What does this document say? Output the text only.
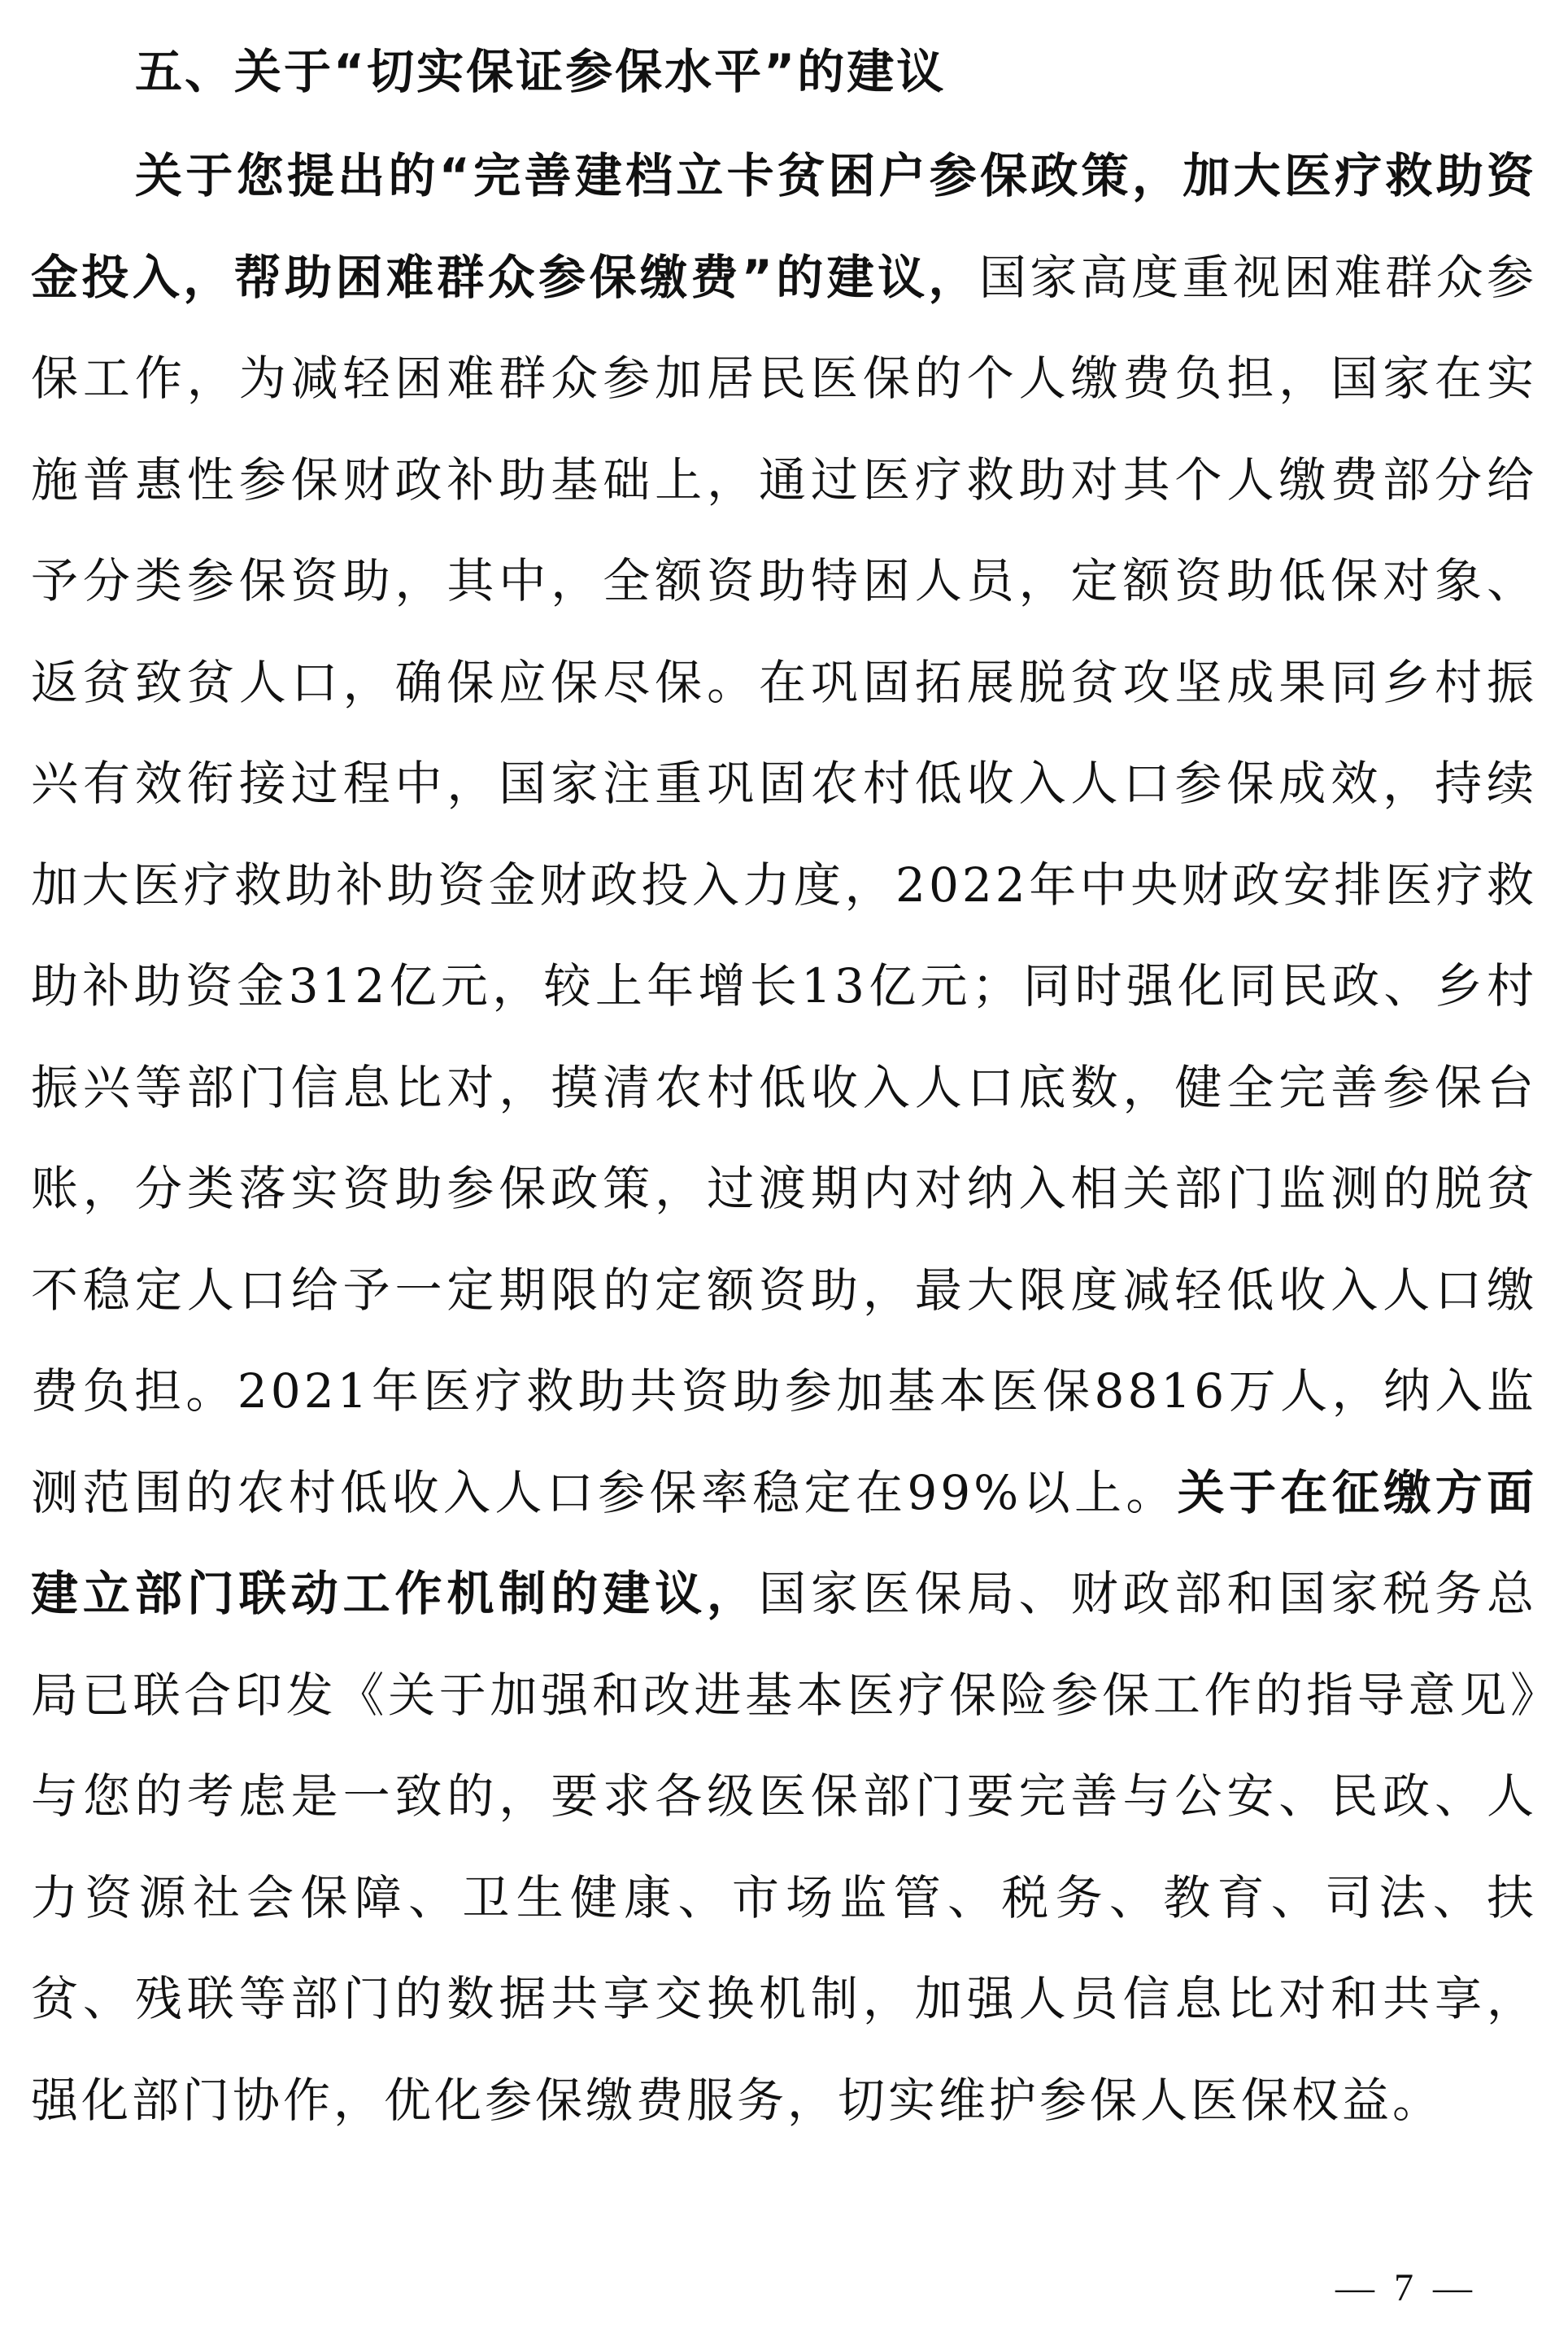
五、关于“切实保证参保水平”的建议

关于您提出的“完善建档立卡贫困户参保政策，加大医疗救助资金投入，帮助困难群众参保缴费”的建议，国家高度重视困难群众参保工作，为减轻困难群众参加居民医保的个人缴费负担，国家在实施普惠性参保财政补助基础上，通过医疗救助对其个人缴费部分给予分类参保资助，其中，全额资助特困人员，定额资助低保对象、返贫致贫人口，确保应保尽保。在巩固拓展脱贫攻坚成果同乡村振兴有效衔接过程中，国家注重巩固农村低收入人口参保成效，持续加大医疗救助补助资金财政投入力度，2022年中央财政安排医疗救助补助资金312亿元，较上年增长13亿元；同时强化同民政、乡村振兴等部门信息比对，摸清农村低收入人口底数，健全完善参保台账，分类落实资助参保政策，过渡期内对纳入相关部门监测的脱贫不稳定人口给予一定期限的定额资助，最大限度减轻低收入人口缴费负担。2021年医疗救助共资助参加基本医保8816万人，纳入监测范围的农村低收入人口参保率稳定在99%以上。关于在征缴方面建立部门联动工作机制的建议，国家医保局、财政部和国家税务总局已联合印发《关于加强和改进基本医疗保险参保工作的指导意见》与您的考虑是一致的，要求各级医保部门要完善与公安、民政、人力资源社会保障、卫生健康、市场监管、税务、教育、司法、扶贫、残联等部门的数据共享交换机制，加强人员信息比对和共享，强化部门协作，优化参保缴费服务，切实维护参保人医保权益。

— 7 —
